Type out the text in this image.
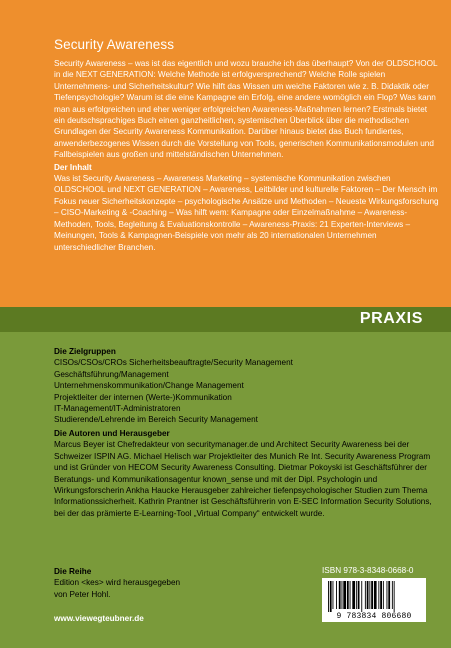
Security Awareness

Security Awareness – was ist das eigentlich und wozu brauche ich das überhaupt? Von der OLDSCHOOL in die NEXT GENERATION: Welche Methode ist erfolgversprechend? Welche Rolle spielen Unternehmens- und Sicherheitskultur? Wie hilft das Wissen um weiche Faktoren wie z. B. Didaktik oder Tiefenpsychologie? Warum ist die eine Kampagne ein Erfolg, eine andere womöglich ein Flop? Was kann man aus erfolgreichen und eher weniger erfolgreichen Awareness-Maßnahmen lernen? Erstmals bietet ein deutschsprachiges Buch einen ganzheitlichen, systemischen Überblick über die methodischen Grundlagen der Security Awareness Kommunikation. Darüber hinaus bietet das Buch fundiertes, anwenderbezogenes Wissen durch die Vorstellung von Tools, generischen Kommunikationsmodulen und Fallbeispielen aus großen und mittelständischen Unternehmen.

Der Inhalt

Was ist Security Awareness – Awareness Marketing – systemische Kommunikation zwischen OLDSCHOOL und NEXT GENERATION – Awareness, Leitbilder und kulturelle Faktoren – Der Mensch im Fokus neuer Sicherheitskonzepte – psychologische Ansätze und Methoden – Neueste Wirkungsforschung – CISO-Marketing & -Coaching – Was hilft wem: Kampagne oder Einzelmaßnahme – Awareness-Methoden, Tools, Begleitung & Evaluationskontrolle – Awareness-Praxis: 21 Experten-Interviews – Meinungen, Tools & Kampagnen-Beispiele von mehr als 20 internationalen Unternehmen unterschiedlicher Branchen.

PRAXIS

Die Zielgruppen

CISOs/CSOs/CROs Sicherheitsbeauftragte/Security Management

Geschäftsführung/Management

Unternehmenskommunikation/Change Management

Projektleiter der internen (Werte-)Kommunikation

IT-Management/IT-Administratoren

Studierende/Lehrende im Bereich Security Management

Die Autoren und Herausgeber

Marcus Beyer ist Chefredakteur von securitymanager.de und Architect Security Awareness bei der Schweizer ISPIN AG. Michael Helisch war Projektleiter des Munich Re Int. Security Awareness Program und ist Gründer von HECOM Security Awareness Consulting. Dietmar Pokoyski ist Geschäftsführer der Beratungs- und Kommunikationsagentur known_sense und mit der Dipl. Psychologin und Wirkungsforscherin Ankha Haucke Herausgeber zahlreicher tiefenpsychologischer Studien zum Thema Informationssicherheit. Kathrin Prantner ist Geschäftsführerin von E-SEC Information Security Solutions, bei der das prämierte E-Learning-Tool „Virtual Company“ entwickelt wurde.

Die Reihe

Edition <kes> wird herausgegeben

von Peter Hohl.

www.viewegteubner.de
ISBN 978-3-8348-0668-0
9 783834 806680
